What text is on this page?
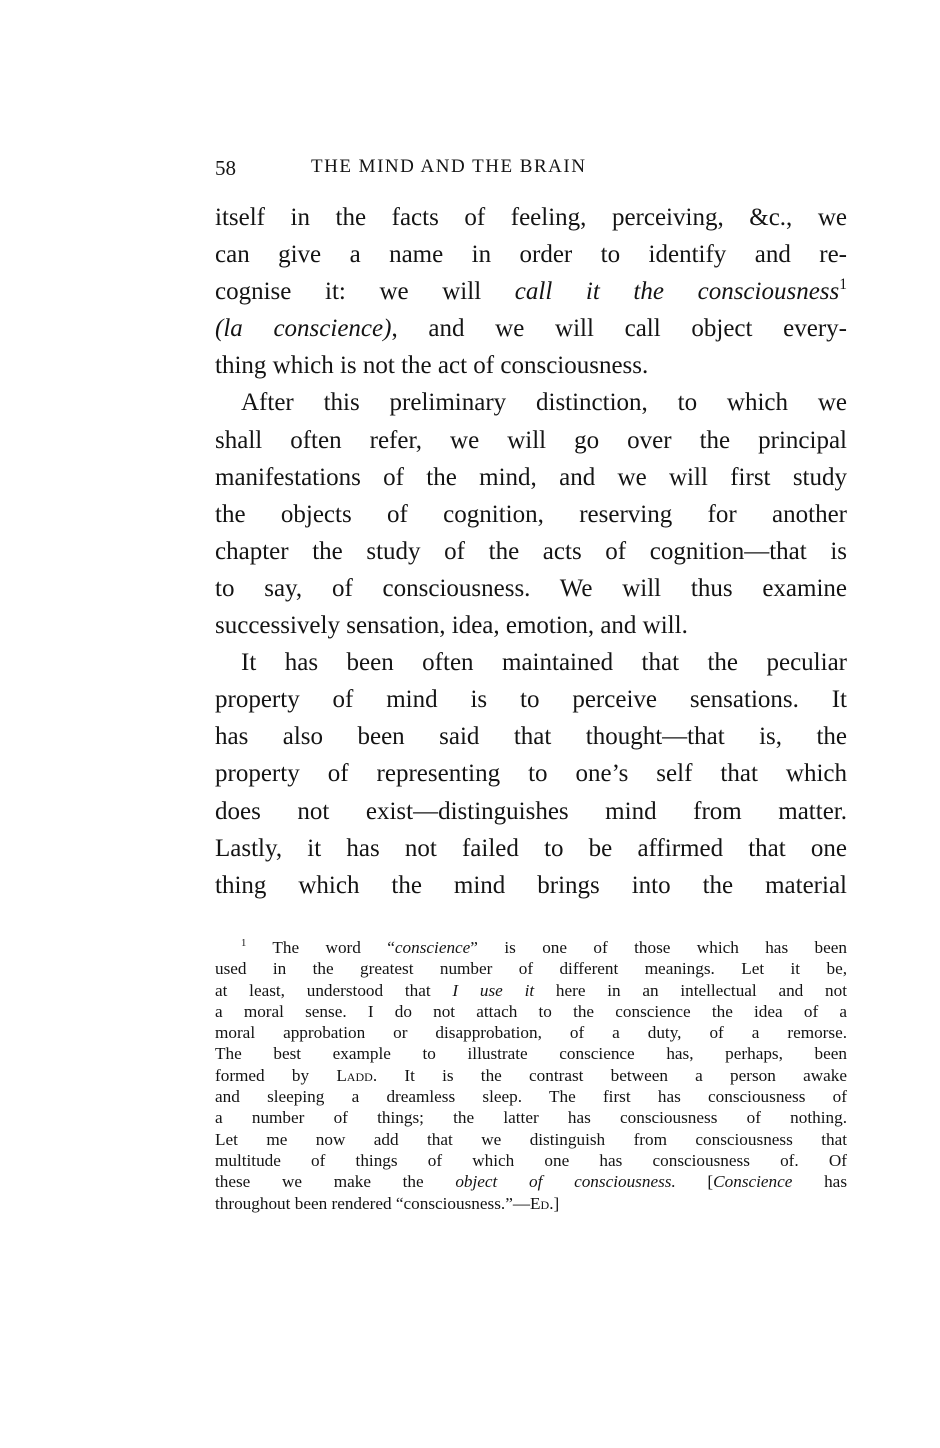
58	THE MIND AND THE BRAIN
itself in the facts of feeling, perceiving, &c., we
can give a name in order to identify and re-
cognise it: we will call it the consciousness$^1$
(la conscience), and we will call object every-
thing which is not the act of consciousness.
After this preliminary distinction, to which we
shall often refer, we will go over the principal
manifestations of the mind, and we will first study
the objects of cognition, reserving for another
chapter the study of the acts of cognition—that is
to say, of consciousness. We will thus examine
successively sensation, idea, emotion, and will.
It has been often maintained that the peculiar
property of mind is to perceive sensations. It
has also been said that thought—that is, the
property of representing to one’s self that which
does not exist—distinguishes mind from matter.
Lastly, it has not failed to be affirmed that one
thing which the mind brings into the material
$^1$ The word “conscience” is one of those which has been
used in the greatest number of different meanings. Let it be,
at least, understood that I use it here in an intellectual and not
a moral sense. I do not attach to the conscience the idea of a
moral approbation or disapprobation, of a duty, of a remorse.
The best example to illustrate conscience has, perhaps, been
formed by Ladd. It is the contrast between a person awake
and sleeping a dreamless sleep. The first has consciousness of
a number of things; the latter has consciousness of nothing.
Let me now add that we distinguish from consciousness that
multitude of things of which one has consciousness of. Of
these we make the object of consciousness. [Conscience has
throughout been rendered “consciousness.”—Ed.]
